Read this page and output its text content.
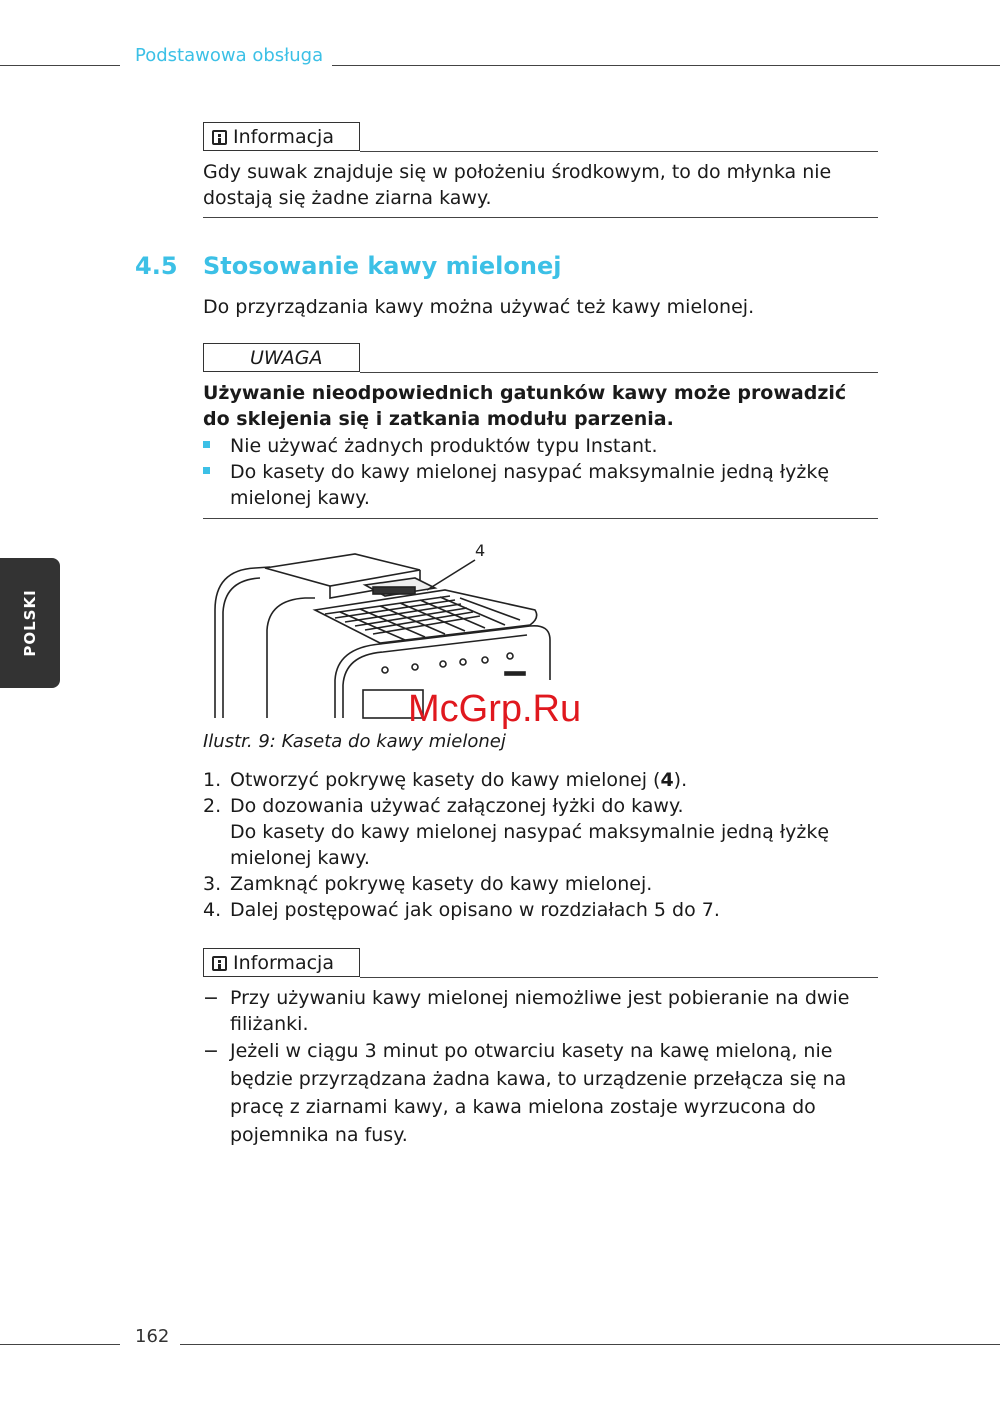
Podstawowa obsługa
POLSKI
Informacja
Gdy suwak znajduje się w położeniu środkowym, to do młynka nie dostają się żadne ziarna kawy.
4.5 Stosowanie kawy mielonej
Do przyrządzania kawy można używać też kawy mielonej.
UWAGA
Używanie nieodpowiednich gatunków kawy może prowadzić do sklejenia się i zatkania modułu parzenia.
Nie używać żadnych produktów typu Instant.
Do kasety do kawy mielonej nasypać maksymalnie jedną łyżkę mielonej kawy.
4
McGrp.Ru
Ilustr. 9: Kaseta do kawy mielonej
1. Otworzyć pokrywę kasety do kawy mielonej (4).
2. Do dozowania używać załączonej łyżki do kawy.
Do kasety do kawy mielonej nasypać maksymalnie jedną łyżkę mielonej kawy.
3. Zamknąć pokrywę kasety do kawy mielonej.
4. Dalej postępować jak opisano w rozdziałach 5 do 7.
Informacja
− Przy używaniu kawy mielonej niemożliwe jest pobieranie na dwie filiżanki.
− Jeżeli w ciągu 3 minut po otwarciu kasety na kawę mieloną, nie będzie przyrządzana żadna kawa, to urządzenie przełącza się na pracę z ziarnami kawy, a kawa mielona zostaje wyrzucona do pojemnika na fusy.
162
